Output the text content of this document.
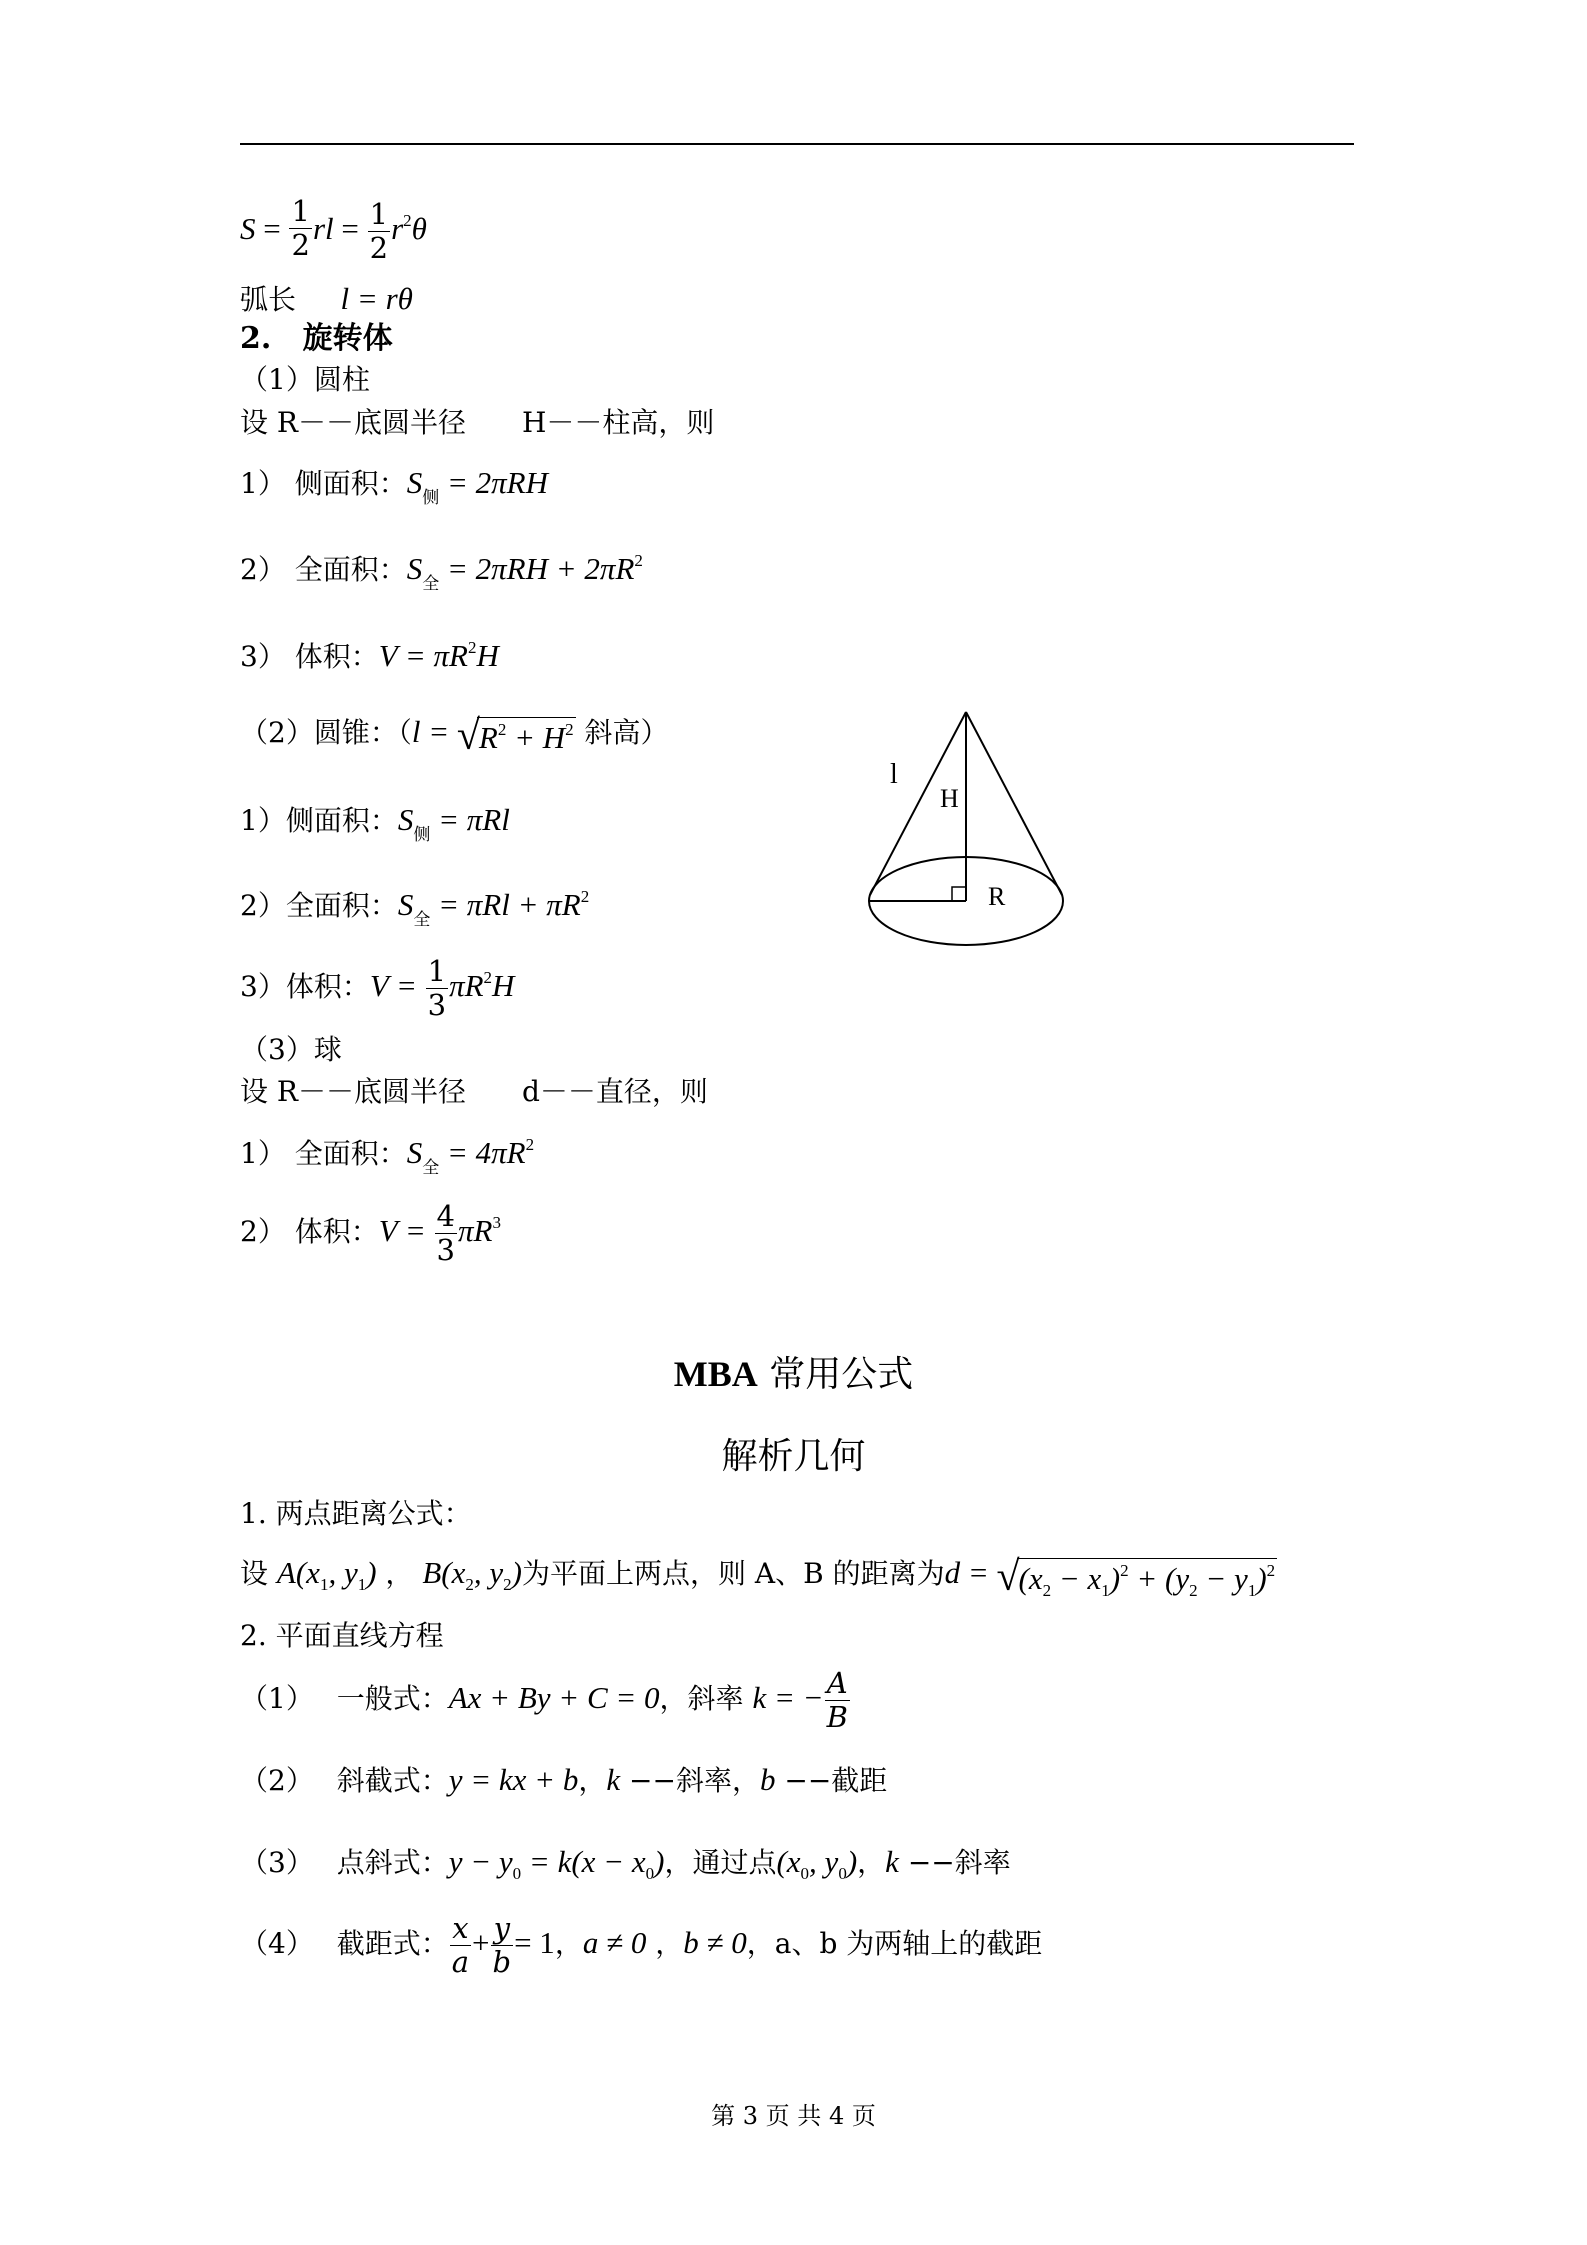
$S = \frac{1}{2}$ rl = $\frac{1}{2} r^2\theta$
弧长 l = rθ
2. 旋转体
（1）圆柱
设 R－－底圆半径　　H－－柱高，则
1） 侧面积：$S_侧 = 2\pi RH$
2） 全面积：$S_全 = 2\pi RH + 2\pi R^2$
3） 体积：$V = \pi R^2H$
（2）圆锥：（l = √
$R^2 + H^2$ 斜高）
1）侧面积：$S_侧 = \pi Rl$
2）全面积：$S_全 = \pi Rl + \pi R^2$
3）体积：$V = \frac{1}{3} \pi R^2H$
（3）球
设 R－－底圆半径　　d－－直径，则
1） 全面积：$S_全 = 4\pi R^2$
2） 体积：$V = \frac{4}{3} \pi R^3$
l
H
R
MBA 常用公式
解析几何
1. 两点距离公式：
设 $A(x_1$, $y_1$) ， $B(x_2$, $y_2$)为平面上两点，则 A、B 的距离为d = √
$(x_2 - x_1)^2 + (y_2 - y_1)^2$
2. 平面直线方程
（1）　 一般式：Ax + By + C = 0，斜率 k = − $\frac{A}{B}$
（2）　 斜截式：y = kx + b，k −−斜率，b −−截距
（3）　 点斜式：$y - y_0 = k(x - x_0)$，通过点($x_0$, $y_0$)，k −−斜率
（4）　 截距式： $\frac{x}{a} + \frac{y}{b} = 1$，a ≠ 0 ，b ≠ 0，a、b 为两轴上的截距
第 3 页 共 4 页
